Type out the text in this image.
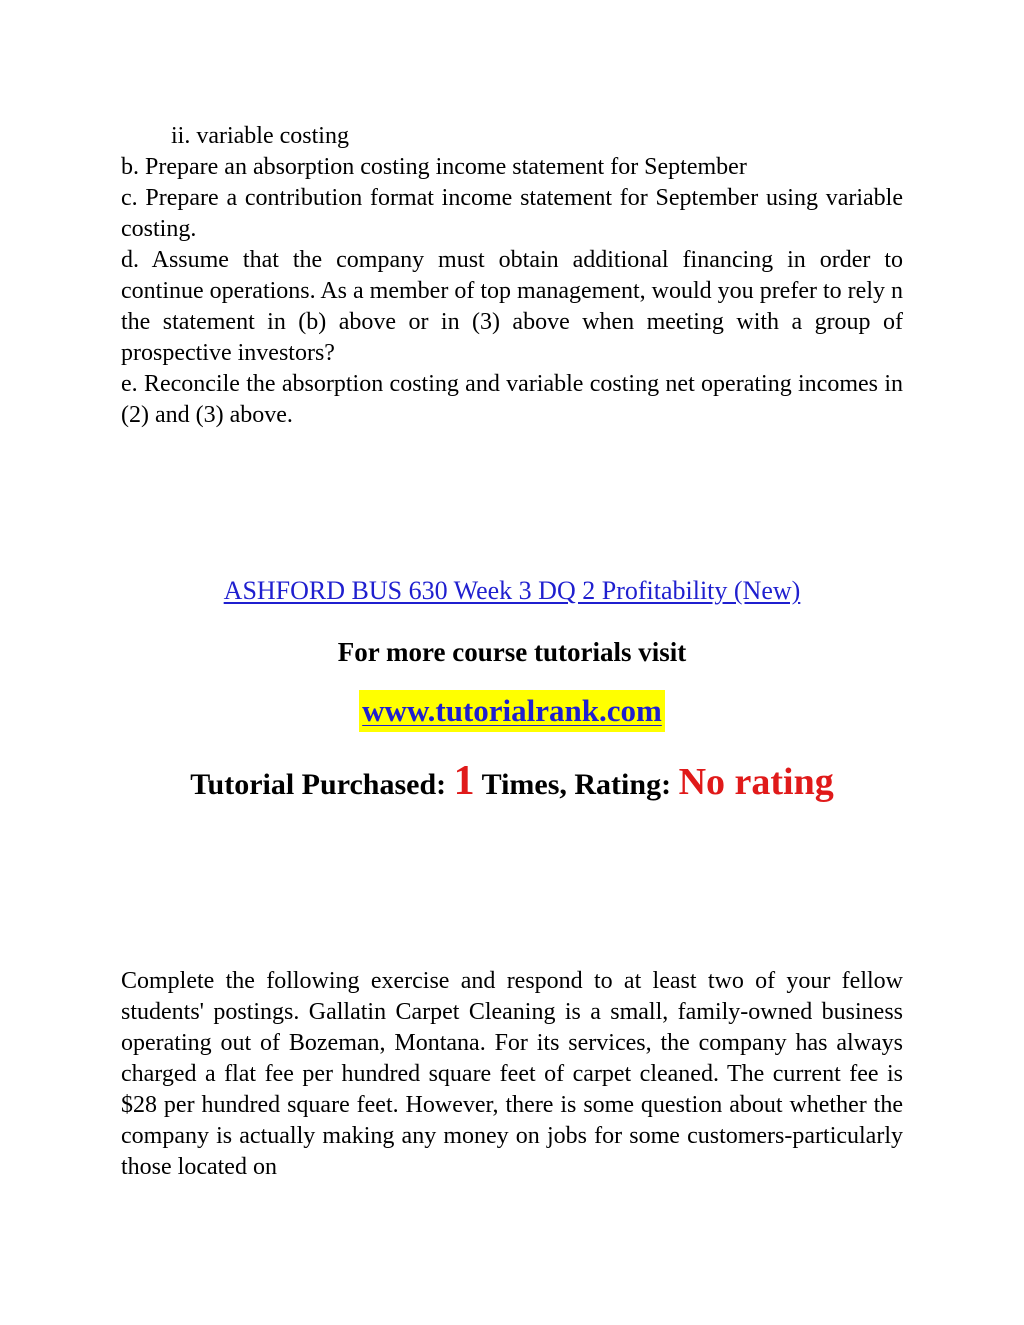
ii. variable costing

b. Prepare an absorption costing income statement for September

c. Prepare a contribution format income statement for September using variable costing.

d. Assume that the company must obtain additional financing in order to continue operations. As a member of top management, would you prefer to rely n the statement in (b) above or in (3) above when meeting with a group of prospective investors?

e. Reconcile the absorption costing and variable costing net operating incomes in (2) and (3) above.

ASHFORD BUS 630 Week 3 DQ 2 Profitability (New)
For more course tutorials visit
www.tutorialrank.com
Tutorial Purchased: 1 Times, Rating: No rating

Complete the following exercise and respond to at least two of your fellow students' postings. Gallatin Carpet Cleaning is a small, family-owned business operating out of Bozeman, Montana. For its services, the company has always charged a flat fee per hundred square feet of carpet cleaned. The current fee is $28 per hundred square feet. However, there is some question about whether the company is actually making any money on jobs for some customers-particularly those located on
